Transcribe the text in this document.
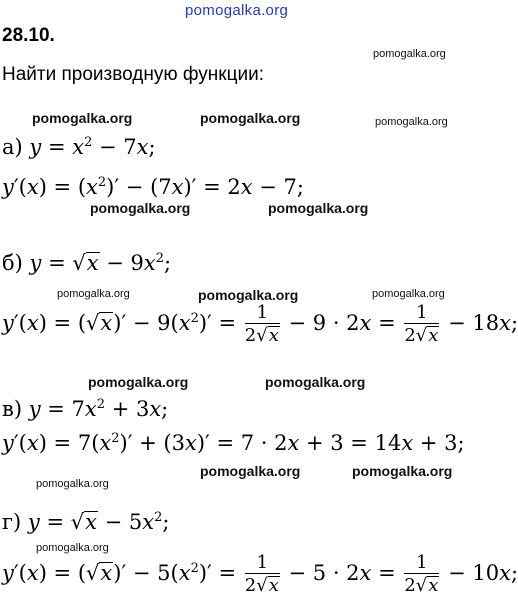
pomogalka.org
28.10.
pomogalka.org
Найти производную функции:
pomogalka.org	pomogalka.org	pomogalka.org
а) $y = x^2 - 7x$;
$y'(x) = (x^2)' - (7x)' = 2x - 7$;
pomogalka.org	pomogalka.org
б) $y = √x - 9x^2$;
pomogalka.org	pomogalka.org	pomogalka.org
$y'(x) = (√x)' - 9(x^2)' = \frac{1}{2√x} - 9 \cdot 2x = \frac{1}{2√x} - 18x$;
pomogalka.org	pomogalka.org
в) $y = 7x^2 + 3x$;
$y'(x) = 7(x^2)' + (3x)' = 7 \cdot 2x + 3 = 14x + 3$;
pomogalka.org
pomogalka.org	pomogalka.org
г) $y = √x - 5x^2$;
pomogalka.org
$y'(x) = (√x)' - 5(x^2)' = \frac{1}{2√x} - 5 \cdot 2x = \frac{1}{2√x} - 10x$;
